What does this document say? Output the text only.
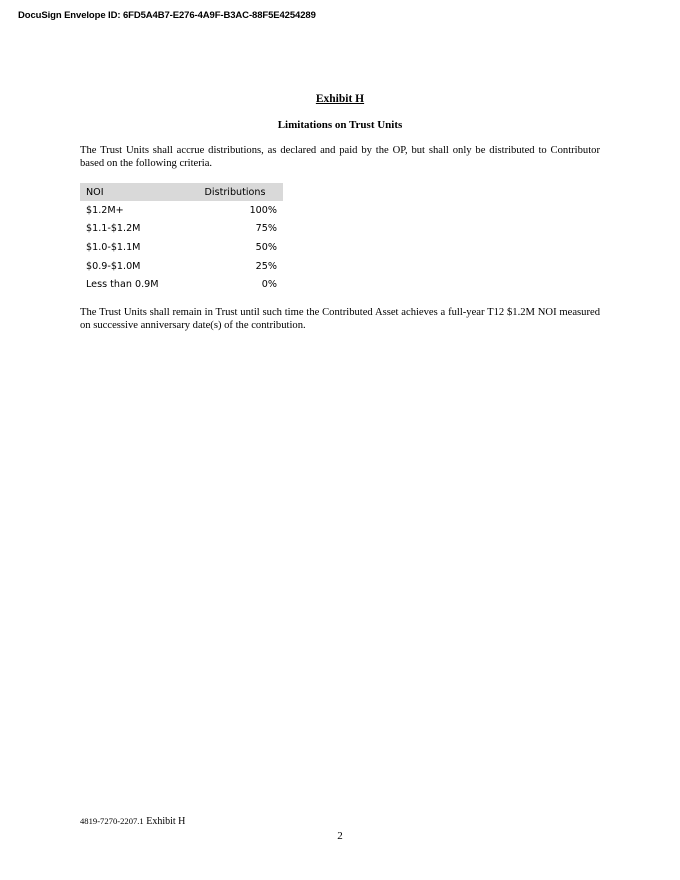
DocuSign Envelope ID: 6FD5A4B7-E276-4A9F-B3AC-88F5E4254289
Exhibit H
Limitations on Trust Units
The Trust Units shall accrue distributions, as declared and paid by the OP, but shall only be distributed to Contributor based on the following criteria.
NOI	Distributions
$1.2M+	100%
$1.1-$1.2M	75%
$1.0-$1.1M	50%
$0.9-$1.0M	25%
Less than 0.9M	0%
The Trust Units shall remain in Trust until such time the Contributed Asset achieves a full-year T12 $1.2M NOI measured on successive anniversary date(s) of the contribution.
4819-7270-2207.1 Exhibit H
2
